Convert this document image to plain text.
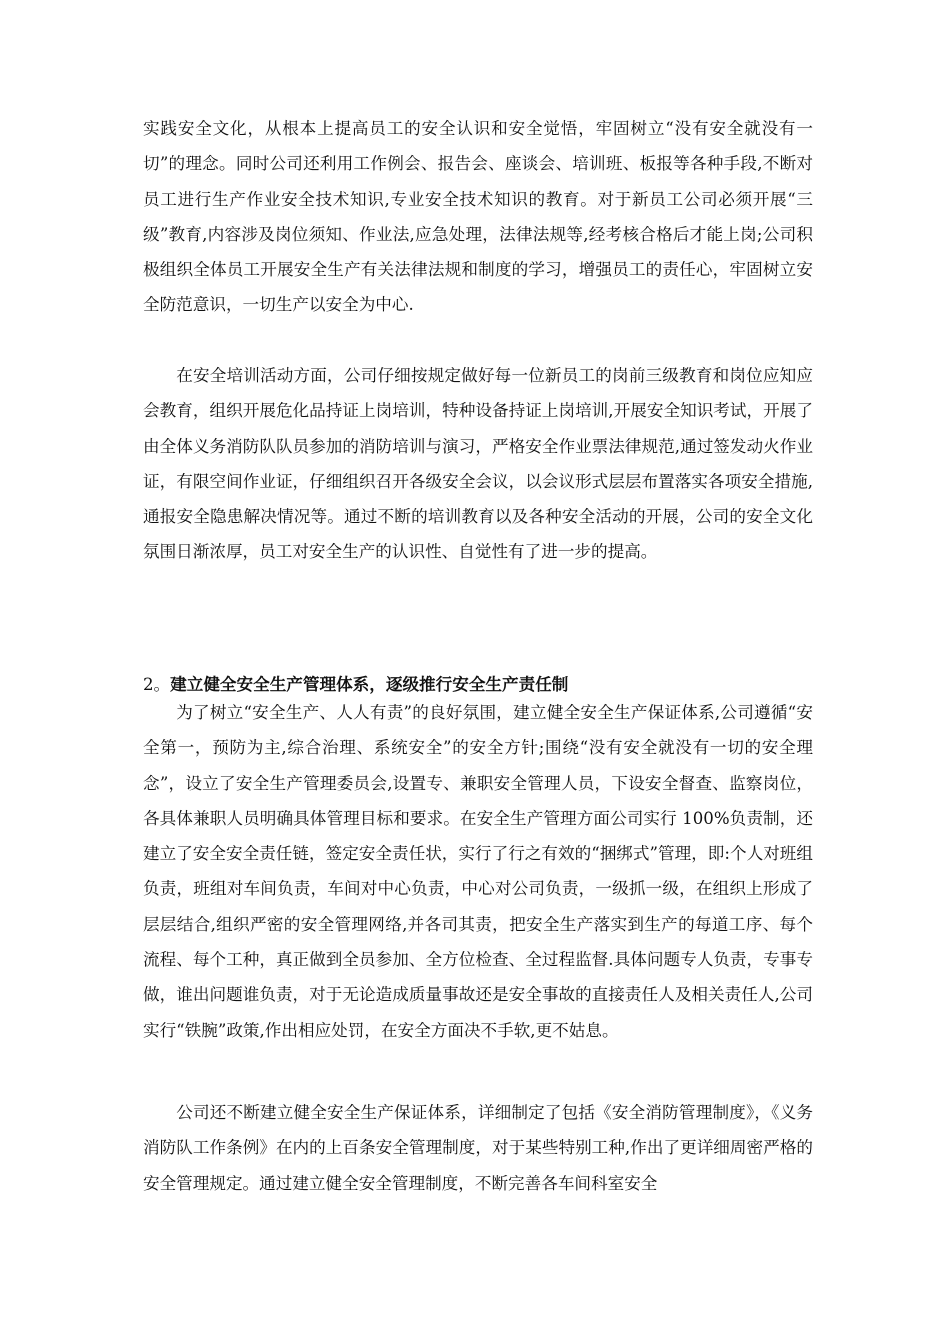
实践安全文化，从根本上提高员工的安全认识和安全觉悟，牢固树立“没有安全就没有一切”的理念。同时公司还利用工作例会、报告会、座谈会、培训班、板报等各种手段,不断对员工进行生产作业安全技术知识,专业安全技术知识的教育。对于新员工公司必须开展“三级”教育,内容涉及岗位须知、作业法,应急处理，法律法规等,经考核合格后才能上岗;公司积极组织全体员工开展安全生产有关法律法规和制度的学习，增强员工的责任心，牢固树立安全防范意识，一切生产以安全为中心.

在安全培训活动方面，公司仔细按规定做好每一位新员工的岗前三级教育和岗位应知应会教育，组织开展危化品持证上岗培训，特种设备持证上岗培训,开展安全知识考试，开展了由全体义务消防队队员参加的消防培训与演习，严格安全作业票法律规范,通过签发动火作业证，有限空间作业证，仔细组织召开各级安全会议，以会议形式层层布置落实各项安全措施,通报安全隐患解决情况等。通过不断的培训教育以及各种安全活动的开展，公司的安全文化氛围日渐浓厚，员工对安全生产的认识性、自觉性有了进一步的提高。

2。建立健全安全生产管理体系，逐级推行安全生产责任制

为了树立“安全生产、人人有责”的良好氛围，建立健全安全生产保证体系,公司遵循“安全第一，预防为主,综合治理、系统安全”的安全方针;围绕“没有安全就没有一切的安全理念”，设立了安全生产管理委员会,设置专、兼职安全管理人员，下设安全督查、监察岗位，各具体兼职人员明确具体管理目标和要求。在安全生产管理方面公司实行 100%负责制，还建立了安全安全责任链，签定安全责任状，实行了行之有效的“捆绑式”管理，即:个人对班组负责，班组对车间负责，车间对中心负责，中心对公司负责，一级抓一级，在组织上形成了层层结合,组织严密的安全管理网络,并各司其责，把安全生产落实到生产的每道工序、每个流程、每个工种，真正做到全员参加、全方位检查、全过程监督.具体问题专人负责，专事专做，谁出问题谁负责，对于无论造成质量事故还是安全事故的直接责任人及相关责任人,公司实行“铁腕”政策,作出相应处罚，在安全方面决不手软,更不姑息。

公司还不断建立健全安全生产保证体系，详细制定了包括《安全消防管理制度》，《义务消防队工作条例》在内的上百条安全管理制度，对于某些特别工种,作出了更详细周密严格的安全管理规定。通过建立健全安全管理制度，不断完善各车间科室安全
